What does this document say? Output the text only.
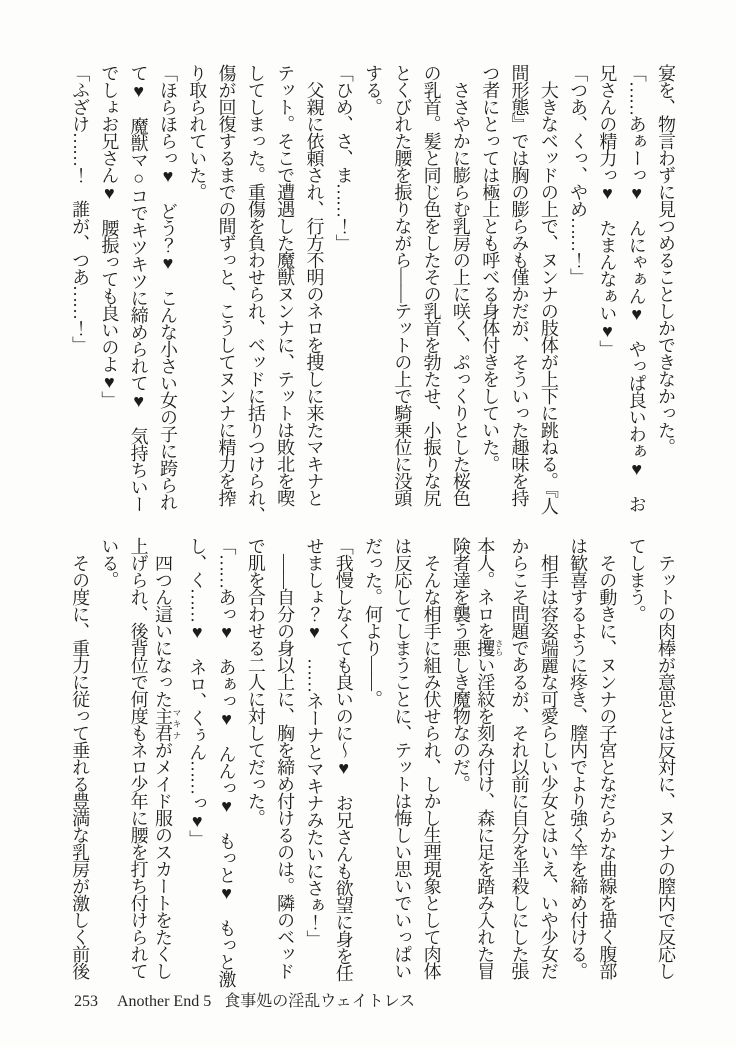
宴を、物言わずに見つめることしかできなかった。
「……あぁーっ♥　んにゃぁん♥　やっぱ良いわぁ♥　お
兄さんの精力っ♥　たまんなぁい♥」
「つあ、くっ、やめ……！」
　大きなベッドの上で、ヌンナの肢体が上下に跳ねる。『人
間形態』では胸の膨らみも僅かだが、そういった趣味を持
つ者にとっては極上とも呼べる身体付きをしていた。
　ささやかに膨らむ乳房の上に咲く、ぷっくりとした桜色
の乳首。髪と同じ色をしたその乳首を勃たせ、小振りな尻
とくびれた腰を振りながら――テットの上で騎乗位に没頭
する。
「ひめ、さ、ま……！」
　父親に依頼され、行方不明のネロを捜しに来たマキナと
テット。そこで遭遇した魔獣ヌンナに、テットは敗北を喫
してしまった。重傷を負わせられ、ベッドに括りつけられ、
傷が回復するまでの間ずっと、こうしてヌンナに精力を搾
り取られていた。
「ほらほらっ♥　どう？♥　こんな小さい女の子に跨られ
て♥　魔獣マ○コでキツキツに締められて♥　気持ちいー
でしょお兄さん♥　腰振っても良いのよ♥」
「ふざけ……！　誰が、つあ……！」
　テットの肉棒が意思とは反対に、ヌンナの膣内で反応し
てしまう。
　その動きに、ヌンナの子宮となだらかな曲線を描く腹部
は歓喜するように疼き、膣内でより強く竿を締め付ける。
　相手は容姿端麗な可愛らしい少女とはいえ、いや少女だ
からこそ問題であるが、それ以前に自分を半殺しにした張
本人。ネロを攫 さらい淫紋を刻み付け、森に足を踏み入れた冒
険者達を襲う悪しき魔物なのだ。
　そんな相手に組み伏せられ、しかし生理現象として肉体
は反応してしまうことに、テットは悔しい思いでいっぱい
だった。何より――。
「我慢しなくても良いのに～♥　お兄さんも欲望に身を任
せましょ？♥　……ネーナとマキナみたいにさぁ！」
　――自分の身以上に、胸を締め付けるのは。隣のベッド
で肌を合わせる二人に対してだった。
「……あっ♥　あぁっ♥　んんっ♥　もっと♥　もっと激
し、く……♥　ネロ、くぅん……っ♥」
　四つん這いになった主君 マキナがメイド服のスカートをたくし
上げられ、後背位で何度もネロ少年に腰を打ち付けられて
いる。
　その度に、重力に従って垂れる豊満な乳房が激しく前後
253 Another End 5 食事処の淫乱ウェイトレス
